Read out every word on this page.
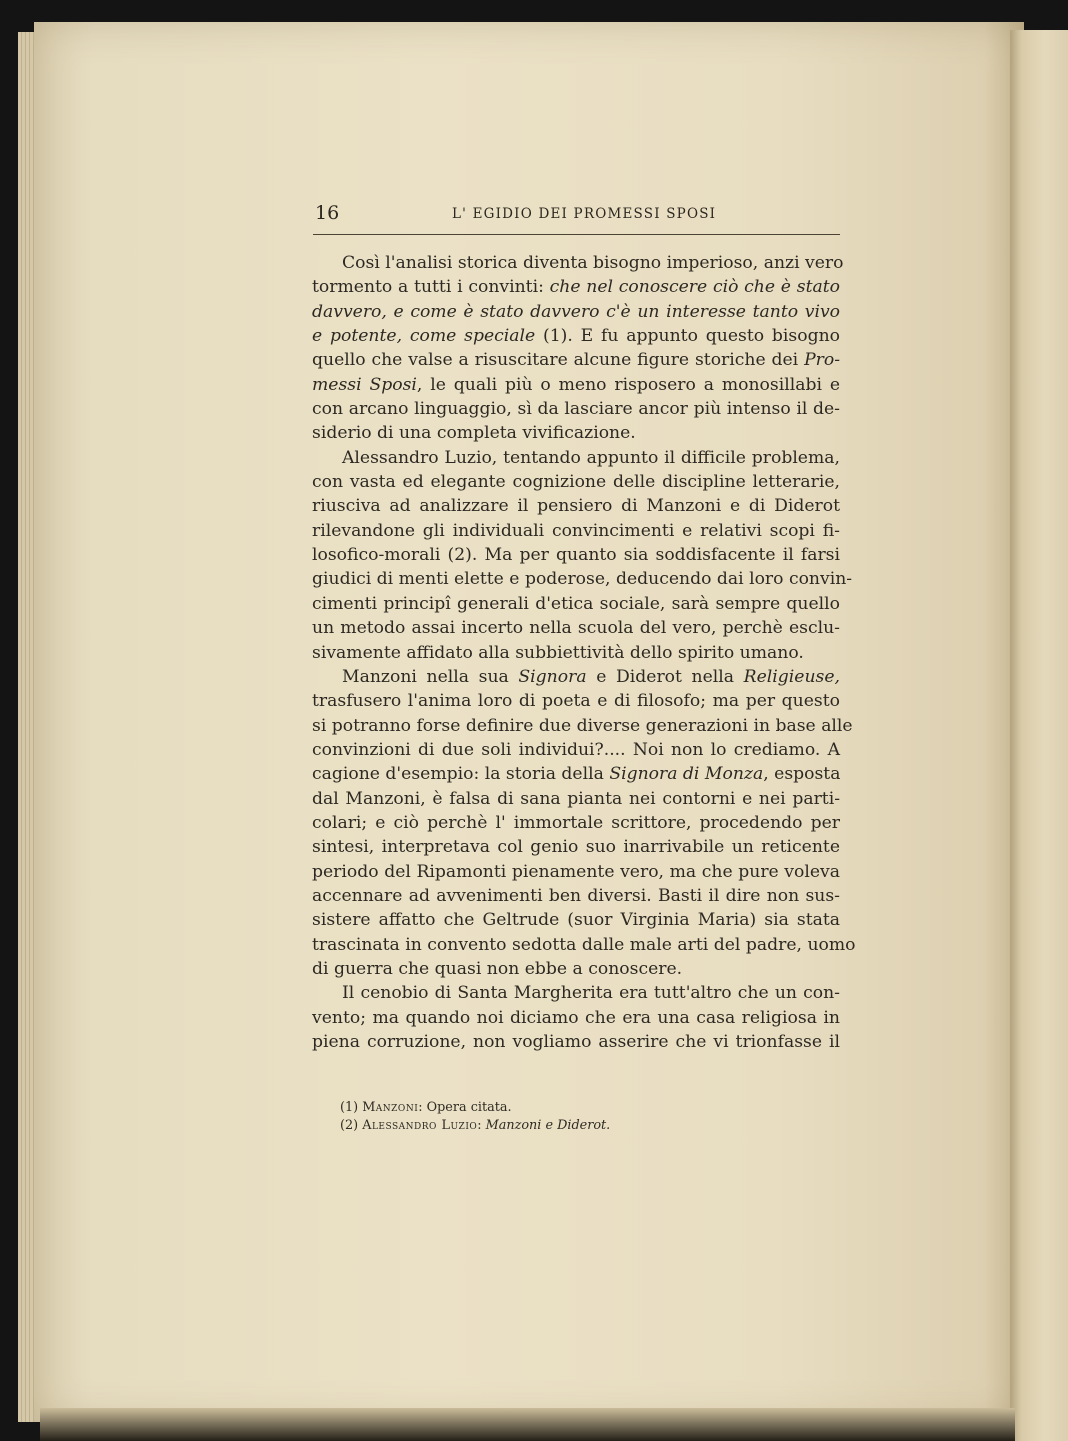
16	L' EGIDIO DEI PROMESSI SPOSI
Così l'analisi storica diventa bisogno imperioso, anzi vero
tormento a tutti i convinti: che nel conoscere ciò che è stato
davvero, e come è stato davvero c'è un interesse tanto vivo
e potente, come speciale (1). E fu appunto questo bisogno
quello che valse a risuscitare alcune figure storiche dei Pro-
messi Sposi, le quali più o meno risposero a monosillabi e
con arcano linguaggio, sì da lasciare ancor più intenso il de-
siderio di una completa vivificazione.
Alessandro Luzio, tentando appunto il difficile problema,
con vasta ed elegante cognizione delle discipline letterarie,
riusciva ad analizzare il pensiero di Manzoni e di Diderot
rilevandone gli individuali convincimenti e relativi scopi fi-
losofico-morali (2). Ma per quanto sia soddisfacente il farsi
giudici di menti elette e poderose, deducendo dai loro convin-
cimenti principî generali d'etica sociale, sarà sempre quello
un metodo assai incerto nella scuola del vero, perchè esclu-
sivamente affidato alla subbiettività dello spirito umano.
Manzoni nella sua Signora e Diderot nella Religieuse,
trasfusero l'anima loro di poeta e di filosofo; ma per questo
si potranno forse definire due diverse generazioni in base alle
convinzioni di due soli individui?.... Noi non lo crediamo. A
cagione d'esempio: la storia della Signora di Monza, esposta
dal Manzoni, è falsa di sana pianta nei contorni e nei parti-
colari; e ciò perchè l' immortale scrittore, procedendo per
sintesi, interpretava col genio suo inarrivabile un reticente
periodo del Ripamonti pienamente vero, ma che pure voleva
accennare ad avvenimenti ben diversi. Basti il dire non sus-
sistere affatto che Geltrude (suor Virginia Maria) sia stata
trascinata in convento sedotta dalle male arti del padre, uomo
di guerra che quasi non ebbe a conoscere.
Il cenobio di Santa Margherita era tutt'altro che un con-
vento; ma quando noi diciamo che era una casa religiosa in
piena corruzione, non vogliamo asserire che vi trionfasse il
(1) Manzoni: Opera citata.
(2) Alessandro Luzio: Manzoni e Diderot.
